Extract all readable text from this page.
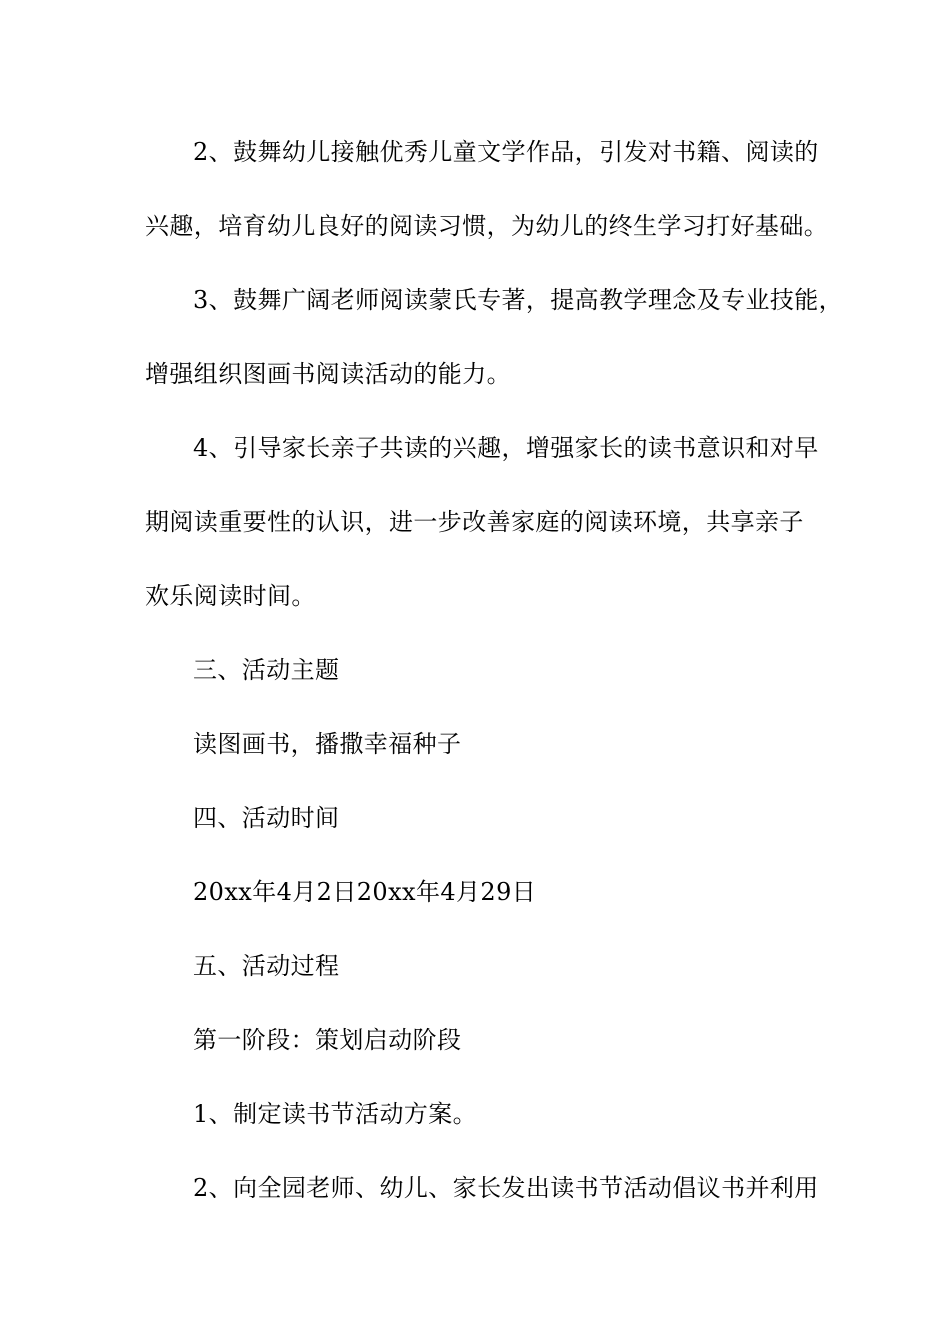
2、鼓舞幼儿接触优秀儿童文学作品，引发对书籍、阅读的
兴趣，培育幼儿良好的阅读习惯，为幼儿的终生学习打好基础。
3、鼓舞广阔老师阅读蒙氏专著，提高教学理念及专业技能，
增强组织图画书阅读活动的能力。
4、引导家长亲子共读的兴趣，增强家长的读书意识和对早
期阅读重要性的认识，进一步改善家庭的阅读环境，共享亲子
欢乐阅读时间。
三、活动主题
读图画书，播撒幸福种子
四、活动时间
20xx年4月2日20xx年4月29日
五、活动过程
第一阶段：策划启动阶段
1、制定读书节活动方案。
2、向全园老师、幼儿、家长发出读书节活动倡议书并利用
